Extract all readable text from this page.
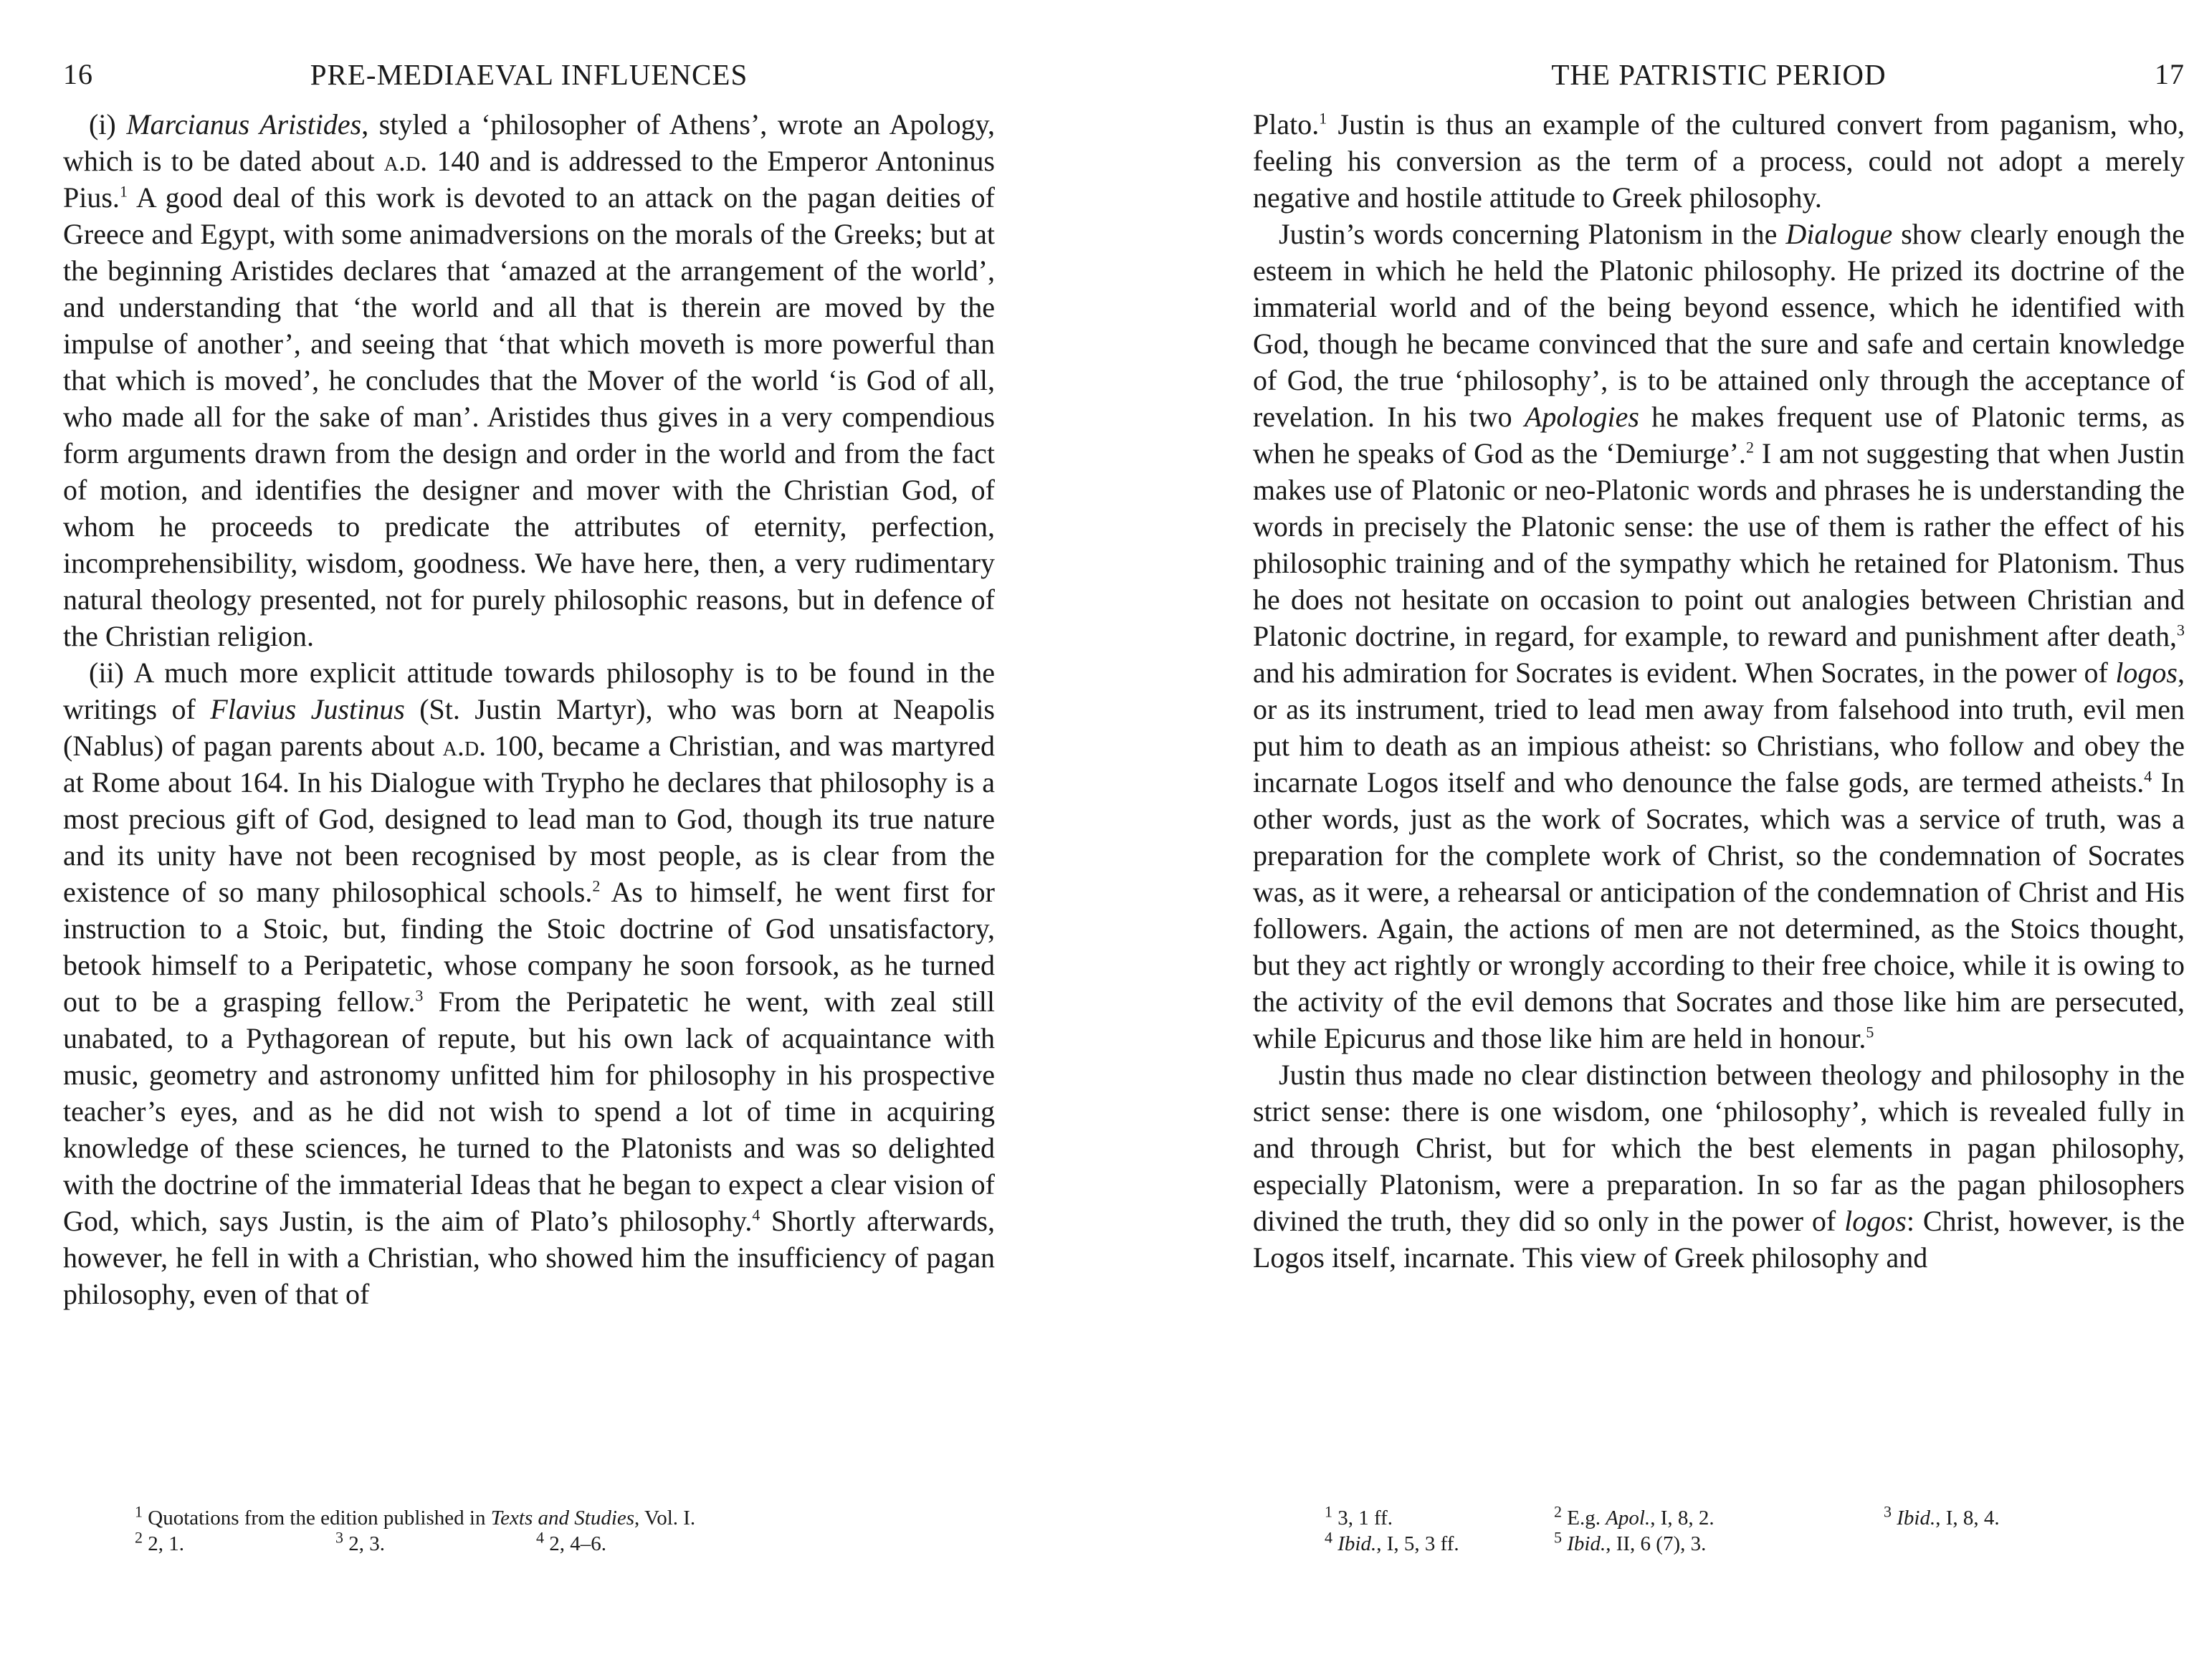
16	PRE-MEDIAEVAL INFLUENCES

(i) Marcianus Aristides, styled a ‘philosopher of Athens’, wrote an Apology, which is to be dated about a.d. 140 and is addressed to the Emperor Antoninus Pius.$^1$ A good deal of this work is devoted to an attack on the pagan deities of Greece and Egypt, with some animadversions on the morals of the Greeks; but at the beginning Aristides declares that ‘amazed at the arrangement of the world’, and understanding that ‘the world and all that is therein are moved by the impulse of another’, and seeing that ‘that which moveth is more powerful than that which is moved’, he concludes that the Mover of the world ‘is God of all, who made all for the sake of man’. Aristides thus gives in a very compendious form arguments drawn from the design and order in the world and from the fact of motion, and identifies the designer and mover with the Christian God, of whom he proceeds to predicate the attributes of eternity, perfection, incomprehensibility, wisdom, goodness. We have here, then, a very rudimentary natural theology presented, not for purely philosophic reasons, but in defence of the Christian religion.

(ii) A much more explicit attitude towards philosophy is to be found in the writings of Flavius Justinus (St. Justin Martyr), who was born at Neapolis (Nablus) of pagan parents about a.d. 100, became a Christian, and was martyred at Rome about 164. In his Dialogue with Trypho he declares that philosophy is a most precious gift of God, designed to lead man to God, though its true nature and its unity have not been recognised by most people, as is clear from the existence of so many philosophical schools.$^2$ As to himself, he went first for instruction to a Stoic, but, finding the Stoic doctrine of God unsatisfactory, betook himself to a Peripatetic, whose company he soon forsook, as he turned out to be a grasping fellow.$^3$ From the Peripatetic he went, with zeal still unabated, to a Pythagorean of repute, but his own lack of acquaintance with music, geometry and astronomy unfitted him for philosophy in his prospective teacher’s eyes, and as he did not wish to spend a lot of time in acquiring knowledge of these sciences, he turned to the Platonists and was so delighted with the doctrine of the immaterial Ideas that he began to expect a clear vision of God, which, says Justin, is the aim of Plato’s philosophy.$^4$ Shortly afterwards, however, he fell in with a Christian, who showed him the insufficiency of pagan philosophy, even of that of

$^1$ Quotations from the edition published in Texts and Studies, Vol. I.
$^2$ 2, 1.	$^3$ 2, 3.	$^4$ 2, 4–6.
THE PATRISTIC PERIOD	17

Plato.$^1$ Justin is thus an example of the cultured convert from paganism, who, feeling his conversion as the term of a process, could not adopt a merely negative and hostile attitude to Greek philosophy.

Justin’s words concerning Platonism in the Dialogue show clearly enough the esteem in which he held the Platonic philosophy. He prized its doctrine of the immaterial world and of the being beyond essence, which he identified with God, though he became convinced that the sure and safe and certain knowledge of God, the true ‘philosophy’, is to be attained only through the acceptance of revelation. In his two Apologies he makes frequent use of Platonic terms, as when he speaks of God as the ‘Demiurge’.$^2$ I am not suggesting that when Justin makes use of Platonic or neo-Platonic words and phrases he is understanding the words in precisely the Platonic sense: the use of them is rather the effect of his philosophic training and of the sympathy which he retained for Platonism. Thus he does not hesitate on occasion to point out analogies between Christian and Platonic doctrine, in regard, for example, to reward and punishment after death,$^3$ and his admiration for Socrates is evident. When Socrates, in the power of logos, or as its instrument, tried to lead men away from falsehood into truth, evil men put him to death as an impious atheist: so Christians, who follow and obey the incarnate Logos itself and who denounce the false gods, are termed atheists.$^4$ In other words, just as the work of Socrates, which was a service of truth, was a preparation for the complete work of Christ, so the condemnation of Socrates was, as it were, a rehearsal or anticipation of the condemnation of Christ and His followers. Again, the actions of men are not determined, as the Stoics thought, but they act rightly or wrongly according to their free choice, while it is owing to the activity of the evil demons that Socrates and those like him are persecuted, while Epicurus and those like him are held in honour.$^5$

Justin thus made no clear distinction between theology and philosophy in the strict sense: there is one wisdom, one ‘philosophy’, which is revealed fully in and through Christ, but for which the best elements in pagan philosophy, especially Platonism, were a preparation. In so far as the pagan philosophers divined the truth, they did so only in the power of logos: Christ, however, is the Logos itself, incarnate. This view of Greek philosophy and

$^1$ 3, 1 ff.	$^2$ E.g. Apol., I, 8, 2.	$^3$ Ibid., I, 8, 4.
$^4$ Ibid., I, 5, 3 ff.	$^5$ Ibid., II, 6 (7), 3.
